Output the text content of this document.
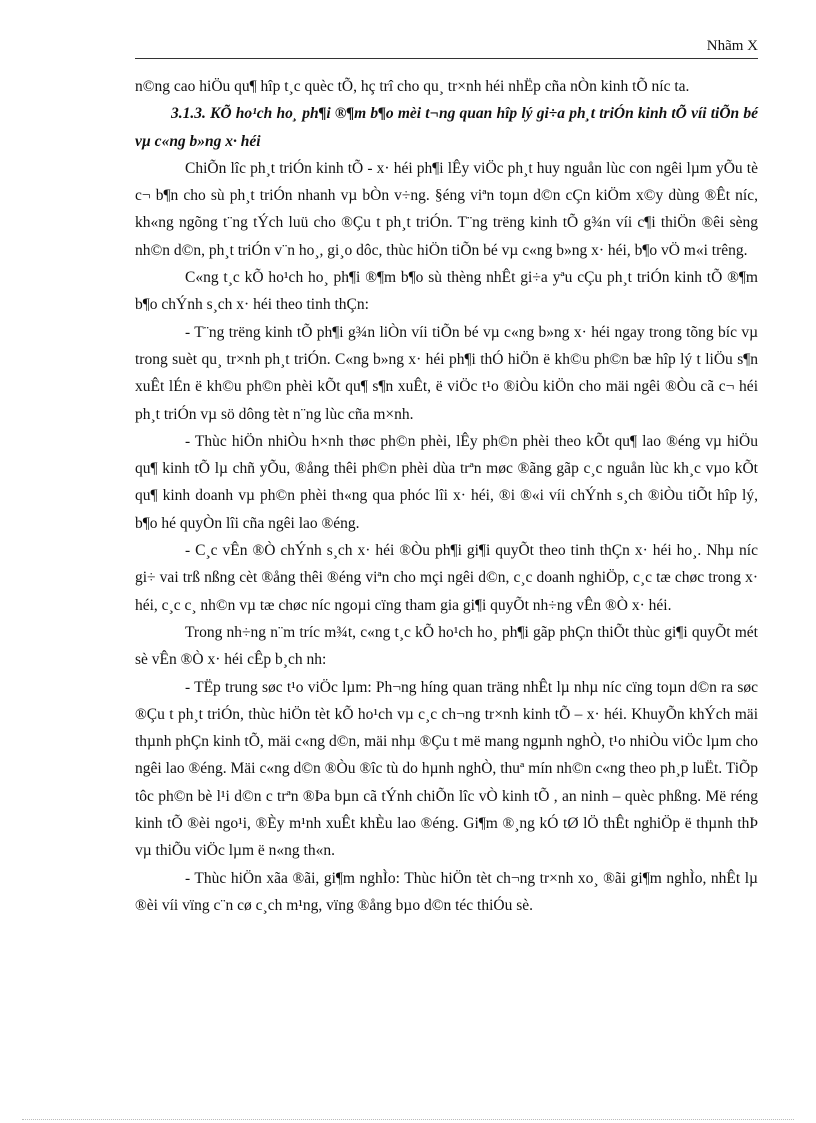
Nhãm X

n©ng cao hiÖu qu¶ hîp t¸c quèc tÕ, hç trî cho qu¸ tr×nh héi nhËp cña nÒn kinh tÕ níc ta.

3.1.3. KÕ ho¹ch ho¸ ph¶i ®¶m b¶o mèi t¬ng quan hîp lý gi÷a ph¸t triÓn kinh tÕ víi tiÕn bé vµ c«ng b»ng x· héi

ChiÕn lîc ph¸t triÓn kinh tÕ - x· héi ph¶i lÊy viÖc ph¸t huy nguån lùc con ngêi lµm yÕu tè c¬ b¶n cho sù ph¸t triÓn nhanh vµ bÒn v÷ng. §éng viªn toµn d©n cÇn kiÖm x©y dùng ®Êt níc, kh«ng ngõng t¨ng tÝch luü cho ®Çu t ph¸t triÓn. T¨ng trëng kinh tÕ g¾n víi c¶i thiÖn ®êi sèng nh©n d©n, ph¸t triÓn v¨n ho¸, gi¸o dôc, thùc hiÖn tiÕn bé vµ c«ng b»ng x· héi, b¶o vÖ m«i trêng.

C«ng t¸c kÕ ho¹ch ho¸ ph¶i ®¶m b¶o sù thèng nhÊt gi÷a yªu cÇu ph¸t triÓn kinh tÕ ®¶m b¶o chÝnh s¸ch x· héi theo tinh thÇn:

- T¨ng trëng kinh tÕ ph¶i g¾n liÒn víi tiÕn bé vµ c«ng b»ng x· héi ngay trong tõng bíc vµ trong suèt qu¸ tr×nh ph¸t triÓn. C«ng b»ng x· héi ph¶i thÓ hiÖn ë kh©u ph©n bæ hîp lý t liÖu s¶n xuÊt lÉn ë kh©u ph©n phèi kÕt qu¶ s¶n xuÊt, ë viÖc t¹o ®iÒu kiÖn cho mäi ngêi ®Òu cã c¬ héi ph¸t triÓn vµ sö dông tèt n¨ng lùc cña m×nh.

- Thùc hiÖn nhiÒu h×nh thøc ph©n phèi, lÊy ph©n phèi theo kÕt qu¶ lao ®éng vµ hiÖu qu¶ kinh tÕ lµ chñ yÕu, ®ång thêi ph©n phèi dùa trªn møc ®ãng gãp c¸c nguån lùc kh¸c vµo kÕt qu¶ kinh doanh vµ ph©n phèi th«ng qua phóc lîi x· héi, ®i ®«i víi chÝnh s¸ch ®iÒu tiÕt hîp lý, b¶o hé quyÒn lîi cña ngêi lao ®éng.

- C¸c vÊn ®Ò chÝnh s¸ch x· héi ®Òu ph¶i gi¶i quyÕt theo tinh thÇn x· héi ho¸. Nhµ níc gi÷ vai trß nßng cèt ®ång thêi ®éng viªn cho mçi ngêi d©n, c¸c doanh nghiÖp, c¸c tæ chøc trong x· héi, c¸c c¸ nh©n vµ tæ chøc níc ngoµi cïng tham gia gi¶i quyÕt nh÷ng vÊn ®Ò x· héi.

Trong nh÷ng n¨m tríc m¾t, c«ng t¸c kÕ ho¹ch ho¸ ph¶i gãp phÇn thiÕt thùc gi¶i quyÕt mét sè vÊn ®Ò x· héi cÊp b¸ch nh:

- TËp trung søc t¹o viÖc lµm: Ph¬ng híng quan träng nhÊt lµ nhµ níc cïng toµn d©n ra søc ®Çu t ph¸t triÓn, thùc hiÖn tèt kÕ ho¹ch vµ c¸c ch¬ng tr×nh kinh tÕ – x· héi. KhuyÕn khÝch mäi thµnh phÇn kinh tÕ, mäi c«ng d©n, mäi nhµ ®Çu t më mang ngµnh nghÒ, t¹o nhiÒu viÖc lµm cho ngêi lao ®éng. Mäi c«ng d©n ®Òu ®îc tù do hµnh nghÒ, thuª mín nh©n c«ng theo ph¸p luËt. TiÕp tôc ph©n bè l¹i d©n c trªn ®Þa bµn cã tÝnh chiÕn lîc vÒ kinh tÕ , an ninh – quèc phßng. Më réng kinh tÕ ®èi ngo¹i, ®Èy m¹nh xuÊt khÈu lao ®éng. Gi¶m ®¸ng kÓ tØ lÖ thÊt nghiÖp ë thµnh thÞ vµ thiÕu viÖc lµm ë n«ng th«n.

- Thùc hiÖn xãa ®ãi, gi¶m nghÌo: Thùc hiÖn tèt ch¬ng tr×nh xo¸ ®ãi gi¶m nghÌo, nhÊt lµ ®èi víi vïng c¨n cø c¸ch m¹ng, vïng ®ång bµo d©n téc thiÓu sè.
